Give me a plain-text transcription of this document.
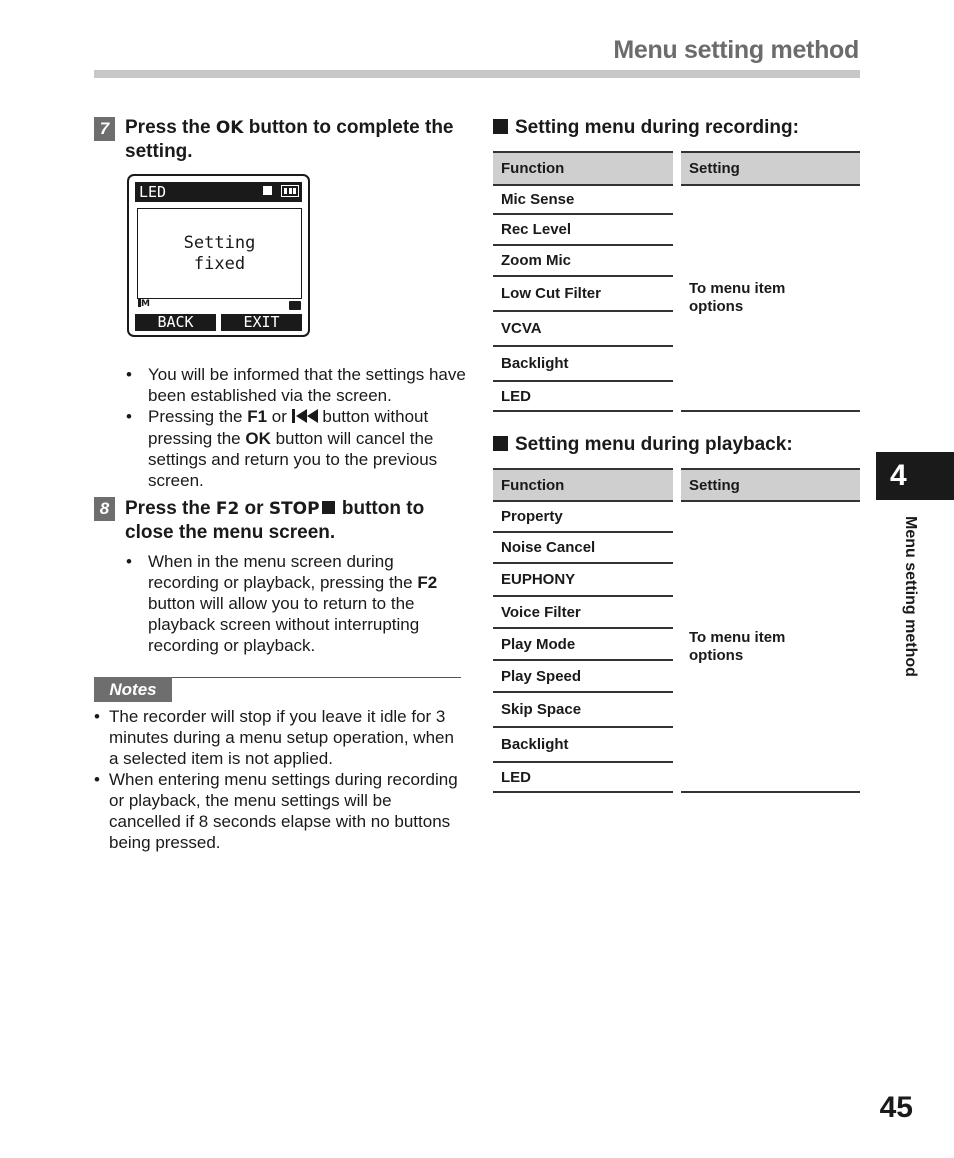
Menu setting method
7 Press the OK button to complete the setting.
LED
Setting
fixed
M
BACK	EXIT
• You will be informed that the settings have been established via the screen.
• Pressing the F1 or  button without pressing the OK button will cancel the settings and return you to the previous screen.
8 Press the F2 or STOP button to close the menu screen.
• When in the menu screen during recording or playback, pressing the F2 button will allow you to return to the playback screen without interrupting recording or playback.
Notes
• The recorder will stop if you leave it idle for 3 minutes during a menu setup operation, when a selected item is not applied.
• When entering menu settings during recording or playback, the menu settings will be cancelled if 8 seconds elapse with no buttons being pressed.
Setting menu during recording:
Function	Setting
Mic Sense
Rec Level
Zoom Mic
Low Cut Filter
VCVA
Backlight
LED
To menu item options
Setting menu during playback:
Function	Setting
Property
Noise Cancel
EUPHONY
Voice Filter
Play Mode
Play Speed
Skip Space
Backlight
LED
To menu item options
4
Menu setting method
45
